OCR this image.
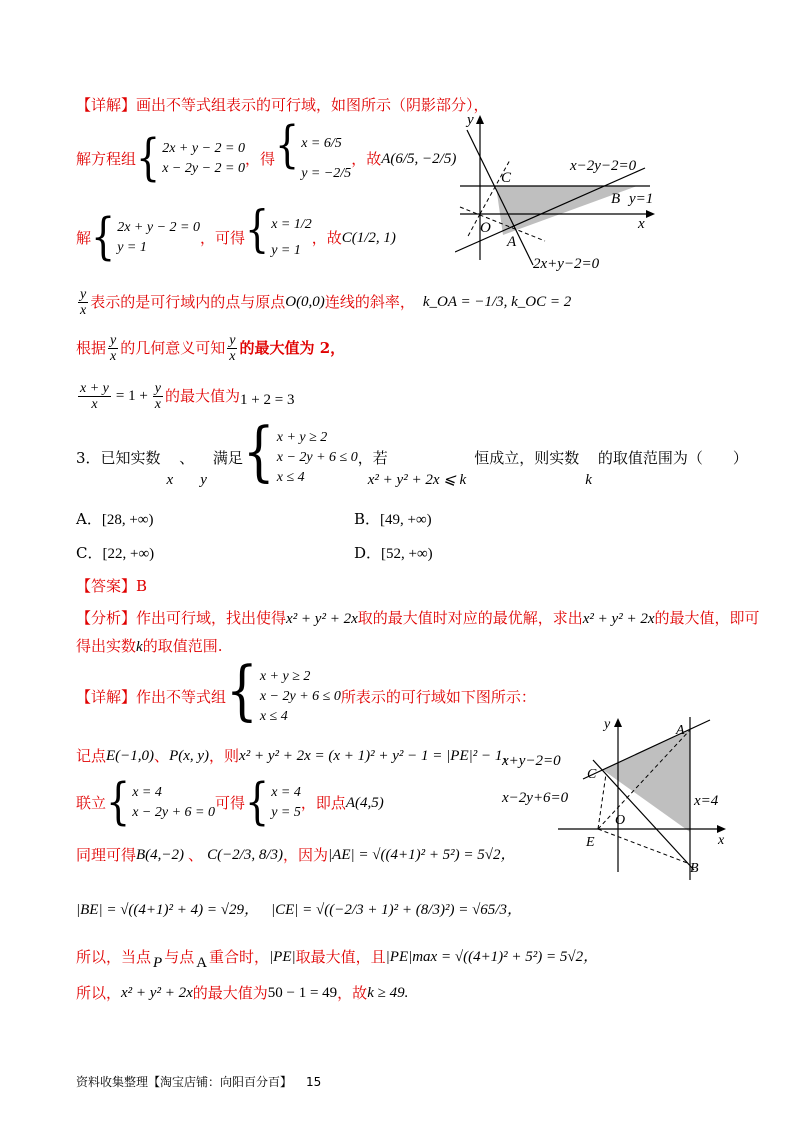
【详解】画出不等式组表示的可行域，如图所示（阴影部分），
解方程组 { 2x + y − 2 = 0
x − 2y − 2 = 0
，得 { x = 6/5
y = −2/5
，故 A(6/5, −2/5)
解 { 2x + y − 2 = 0
y = 1
，可得 { x = 1/2
y = 1
，故 C(1/2, 1)
$\frac{y}{x}$ 表示的是可行域内的点与原点 O(0,0) 连线的斜率， k_OA = −1/3, k_OC = 2
根据 $\frac{y}{x}$ 的几何意义可知 $\frac{y}{x}$ 的最大值为 2，
$\frac{x + y}{x} = 1 + \frac{y}{x}$ 的最大值为 1 + 2 = 3
y
x
C
O
A
B y=1
x−2y−2=0
2x+y−2=0
3．已知实数
x
、
y
满足 { x + y ≥ 2
x − 2y + 6 ≤ 0
x ≤ 4
，若
x² + y² + 2x ⩽ k
恒成立，则实数
k
的取值范围为（　　）
A．[28, +∞)	B．[49, +∞)
C．[22, +∞)	D．[52, +∞)
【答案】B
【分析】作出可行域，找出使得x² + y² + 2x取的最大值时对应的最优解，求出x² + y² + 2x的最大值，即可
得出实数k的取值范围.
【详解】 作出不等式组 { x + y ≥ 2
x − 2y + 6 ≤ 0
x ≤ 4
所表示的可行域如下图所示：
记点 E(−1,0) 、 P(x, y) ，则 x² + y² + 2x = (x + 1)² + y² − 1 = |PE|² − 1，
联立 { x = 4
x − 2y + 6 = 0
可得 { x = 4
y = 5
，即点 A(4,5)
同理可得 B(4,−2) 、 C(−2/3, 8/3) ，因为 |AE| = √((4+1)² + 5²) = 5√2，
|BE| = √((4+1)² + 4) = √29， |CE| = √((−2/3 + 1)² + (8/3)²) = √65/3，
所以，当点 P 与点 A 重合时， |PE| 取最大值，且 |PE|max = √((4+1)² + 5²) = 5√2，
所以， x² + y² + 2x 的最大值为 50 − 1 = 49 ，故 k ≥ 49.
y
x
A
B
C
E
O
x+y−2=0
x−2y+6=0	x=4
资料收集整理【淘宝店铺：向阳百分百】 15
